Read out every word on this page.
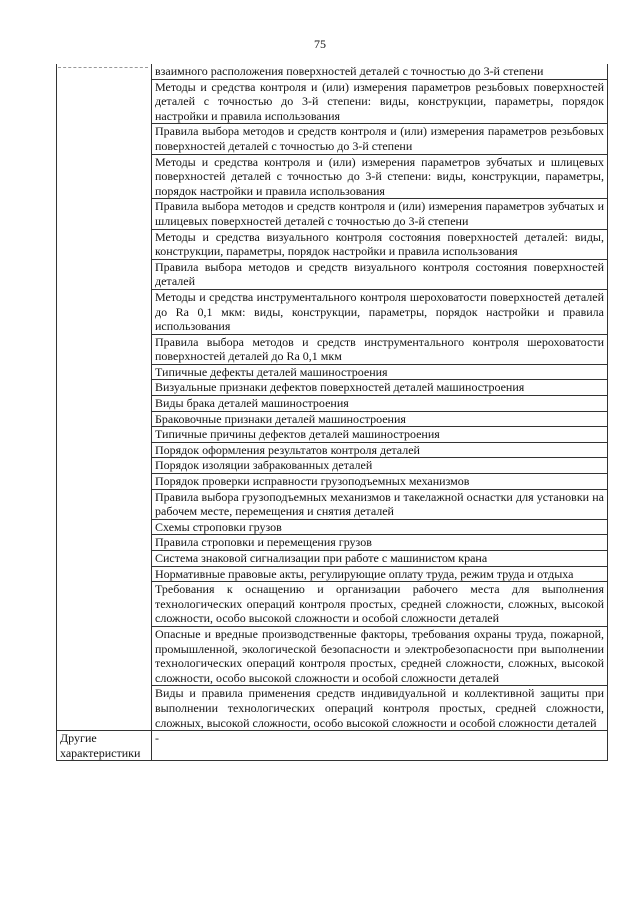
75
	взаимного расположения поверхностей деталей с точностью до 3-й степени
	Методы и средства контроля и (или) измерения параметров резьбовых поверхностей деталей с точностью до 3-й степени: виды, конструкции, параметры, порядок настройки и правила использования
	Правила выбора методов и средств контроля и (или) измерения параметров резьбовых поверхностей деталей с точностью до 3-й степени
	Методы и средства контроля и (или) измерения параметров зубчатых и шлицевых поверхностей деталей с точностью до 3-й степени: виды, конструкции, параметры, порядок настройки и правила использования
	Правила выбора методов и средств контроля и (или) измерения параметров зубчатых и шлицевых поверхностей деталей с точностью до 3-й степени
	Методы и средства визуального контроля состояния поверхностей деталей: виды, конструкции, параметры, порядок настройки и правила использования
	Правила выбора методов и средств визуального контроля состояния поверхностей деталей
	Методы и средства инструментального контроля шероховатости поверхностей деталей до Ra 0,1 мкм: виды, конструкции, параметры, порядок настройки и правила использования
	Правила выбора методов и средств инструментального контроля шероховатости поверхностей деталей до Ra 0,1 мкм
	Типичные дефекты деталей машиностроения
	Визуальные признаки дефектов поверхностей деталей машиностроения
	Виды брака деталей машиностроения
	Браковочные признаки деталей машиностроения
	Типичные причины дефектов деталей машиностроения
	Порядок оформления результатов контроля деталей
	Порядок изоляции забракованных деталей
	Порядок проверки исправности грузоподъемных механизмов
	Правила выбора грузоподъемных механизмов и такелажной оснастки для установки на рабочем месте, перемещения и снятия деталей
	Схемы строповки грузов
	Правила строповки и перемещения грузов
	Система знаковой сигнализации при работе с машинистом крана
	Нормативные правовые акты, регулирующие оплату труда, режим труда и отдыха
	Требования к оснащению и организации рабочего места для выполнения технологических операций контроля простых, средней сложности, сложных, высокой сложности, особо высокой сложности и особой сложности деталей
	Опасные и вредные производственные факторы, требования охраны труда, пожарной, промышленной, экологической безопасности и электробезопасности при выполнении технологических операций контроля простых, средней сложности, сложных, высокой сложности, особо высокой сложности и особой сложности деталей
	Виды и правила применения средств индивидуальной и коллективной защиты при выполнении технологических операций контроля простых, средней сложности, сложных, высокой сложности, особо высокой сложности и особой сложности деталей
Другие характеристики	-
